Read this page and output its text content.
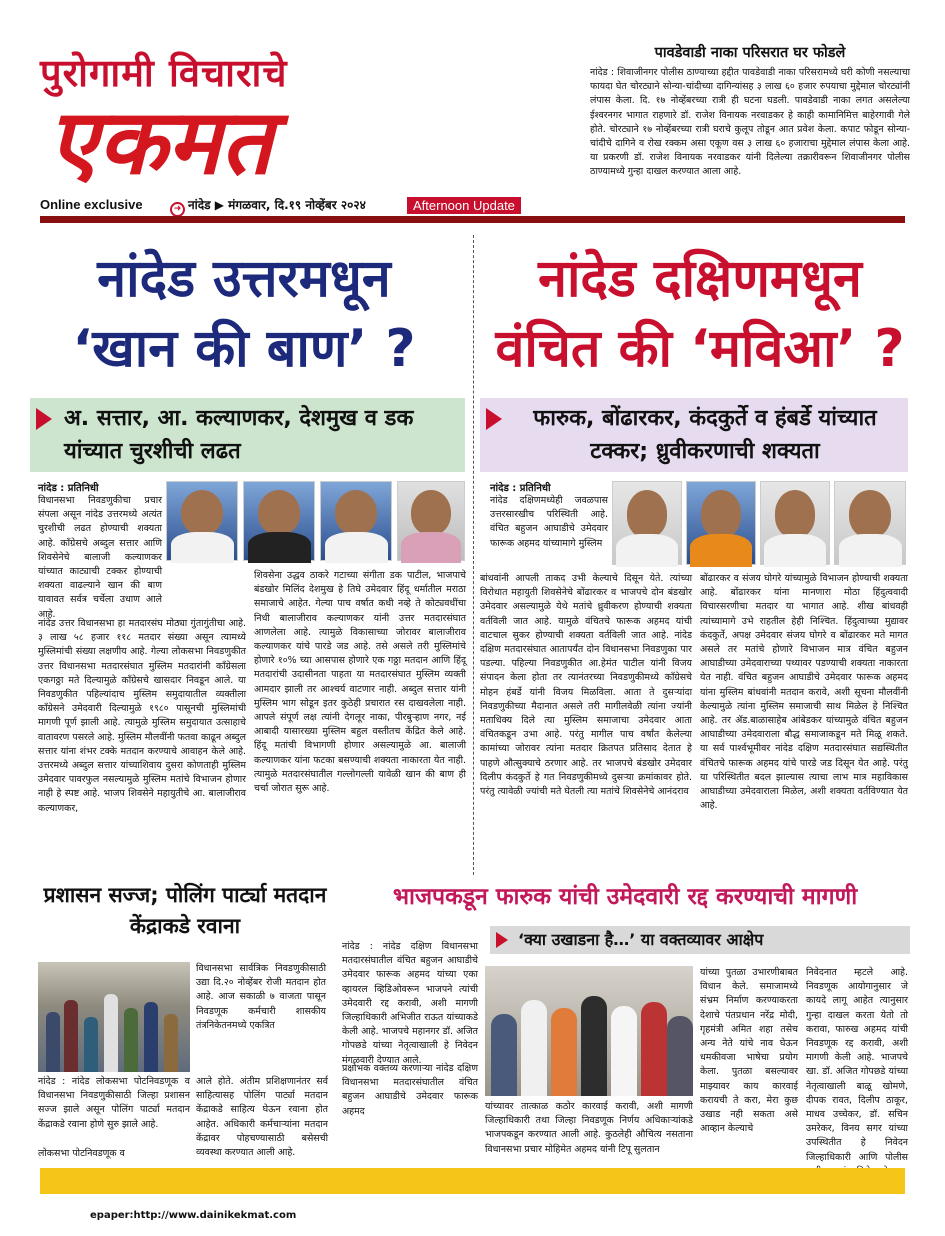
पुरोगामी विचाराचे
एकमत
Online exclusive	➜ नांदेड ▶ मंगळवार, दि.१९ नोव्हेंबर २०२४	Afternoon Update
पावडेवाडी नाका परिसरात घर फोडले

नांदेड : शिवाजीनगर पोलीस ठाण्याच्या हद्दीत पावडेवाडी नाका परिसरामध्ये घरी कोणी नसल्याचा फायदा घेत चोरट्याने सोन्या-चांदीच्या दागिन्यांसह ३ लाख ६० हजार रुपयाचा मुद्देमाल चोरट्यांनी लंपास केला. दि. १७ नोव्हेंबरच्या रात्री ही घटना घडली. पावडेवाडी नाका लगत असलेल्या ईश्वरनगर भागात राहणारे डॉ. राजेश विनायक नरवाडकर हे काही कामानिमित्त बाहेरगावी गेले होते. चोरट्याने १७ नोव्हेंबरच्या रात्री घराचे कुलूप तोडून आत प्रवेश केला. कपाट फोडून सोन्या-चांदीचे दागिने व रोख रक्कम असा एकूण वस ३ लाख ६० हजाराचा मुद्देमाल लंपास केला आहे. या प्रकरणी डॉ. राजेश विनायक नरवाडकर यांनी दिलेल्या तक्रारीवरून शिवाजीनगर पोलीस ठाण्यामध्ये गुन्हा दाखल करण्यात आला आहे.

नांदेड उत्तरमधून
‘खान की बाण’ ?
नांदेड दक्षिणमधून
वंचित की ‘मविआ’ ?
अ. सत्तार, आ. कल्याणकर, देशमुख व डक यांच्यात चुरशीची लढत
फारुक, बोंढारकर, कंदकुर्ते व हंबर्डे यांच्यात टक्कर; ध्रुवीकरणाची शक्यता
नांदेड : प्रतिनिधी
विधानसभा निवडणुकीचा प्रचार संपला असून नांदेड उत्तरमध्ये अत्यंत चुरशीची लढत होण्याची शक्यता आहे. काँग्रेसचे अब्दुल सत्तार आणि शिवसेनेचे बालाजी कल्याणकर यांच्यात काट्याची टक्कर होण्याची शक्यता वाढल्याने खान की बाण यावावत सर्वत्र चर्चेला उधाण आले आहे.
नांदेड उत्तर विधानसभा हा मतदारसंघ मोठ्या गुंतागुंतीचा आहे. ३ लाख ५८ हजार ११८ मतदार संख्या असून त्यामध्ये मुस्लिमांची संख्या लक्षणीय आहे. गेल्या लोकसभा निवडणुकीत उत्तर विधानसभा मतदारसंघात मुस्लिम मतदारांनी काँग्रेसला एकगठ्ठा मते दिल्यामुळे काँग्रेसचे खासदार निवडून आले. या निवडणुकीत पहिल्यांदाच मुस्लिम समुदायातील व्यक्तीला काँग्रेसने उमेदवारी दिल्यामुळे १९८० पासूनची मुस्लिमांची मागणी पूर्ण झाली आहे. त्यामुळे मुस्लिम समुदायात उत्साहाचे वातावरण पसरले आहे. मुस्लिम मौलवींनी फतवा काढून अब्दुल सत्तार यांना शंभर टक्के मतदान करण्याचे आवाहन केले आहे. उत्तरमध्ये अब्दुल सत्तार यांच्याशिवाय दुसरा कोणताही मुस्लिम उमेदवार पावरफुल नसल्यामुळे मुस्लिम मतांचे विभाजन होणार नाही हे स्पष्ट आहे. भाजप शिवसेने महायुतीचे आ. बालाजीराव कल्याणकर,
शिवसेना उद्धव ठाकरे गटाच्या संगीता डक पाटील, भाजपाचे बंडखोर मिलिंद देशमुख हे तिघे उमेदवार हिंदू धर्मातील मराठा समाजाचे आहेत. गेल्या पाच वर्षात कधी नव्हे ते कोट्यवधींचा निधी बालाजीराव कल्याणकर यांनी उत्तर मतदारसंघात आणलेला आहे. त्यामुळे विकासाच्या जोरावर बालाजीराव कल्याणकर यांचे पारडे जड आहे. तसे असले तरी मुस्लिमांचे होणारे १०% च्या आसपास होणारे एक गठ्ठा मतदान आणि हिंदू मतदारांची उदासीनता पाहता या मतदारसंघात मुस्लिम व्यक्ती आमदार झाली तर आश्चर्य वाटणार नाही. अब्दुल सत्तार यांनी मुस्लिम भाग सोडून इतर कुठेही प्रचारात रस दाखवलेला नाही. आपले संपूर्ण लक्ष त्यांनी देगलूर नाका, पीरबुऱ्हाण नगर, नई आबादी यासारख्या मुस्लिम बहुल वस्तीतच केंद्रित केले आहे. हिंदू मतांची विभागणी होणार असल्यामुळे आ. बालाजी कल्याणकर यांना फटका बसण्याची शक्यता नाकारता येत नाही. त्यामुळे मतदारसंघातील गल्लोगल्ली यावेळी खान की बाण ही चर्चा जोरात सुरू आहे.
नांदेड : प्रतिनिधी
नांदेड दक्षिणमध्येही जवळपास उत्तरसारखीच परिस्थिती आहे. वंचित बहुजन आघाडीचे उमेदवार फारूक अहमद यांच्यामागे मुस्लिम
बांधवांनी आपली ताकद उभी केल्याचे दिसून येते. त्यांच्या विरोधात महायुती शिवसेनेचे बोंढारकर व भाजपचे दोन बंडखोर उमेदवार असल्यामुळे येथे मतांचे ध्रुवीकरण होण्याची शक्यता वर्तविली जात आहे. यामुळे वंचितचे फारूक अहमद यांची वाटचाल सुकर होण्याची शक्यता वर्तविली जात आहे. नांदेड दक्षिण मतदारसंघात आतापर्यंत दोन विधानसभा निवडणुका पार पडल्या. पहिल्या निवडणुकीत आ.हेमंत पाटील यांनी विजय संपादन केला होता तर त्यानंतरच्या निवडणुकीमध्ये काँग्रेसचे मोहन हंबर्डे यांनी विजय मिळविला. आता ते दुसऱ्यांदा निवडणुकीच्या मैदानात असले तरी मागीलवेळी त्यांना ज्यांनी मताधिक्य दिले त्या मुस्लिम समाजाचा उमेदवार आता वंचितकडून उभा आहे. परंतु मागील पाच वर्षांत केलेल्या कामांच्या जोरावर त्यांना मतदार क्रितपत प्रतिसाद देतात हे पाहणे औत्सुक्याचे ठरणार आहे. तर भाजपचे बंडखोर उमेदवार दिलीप कंदकुर्ते हे गत निवडणुकीमध्ये दुसऱ्या क्रमांकावर होते. परंतु त्यावेळी ज्यांची मते घेतली त्या मतांचे शिवसेनेचे आनंदराव
बोंढारकर व संजय घोगरे यांच्यामुळे विभाजन होण्याची शक्यता आहे. बोंढारकर यांना मानणारा मोठा हिंदुत्ववादी विचारसरणीचा मतदार या भागात आहे. शीख बांधवही त्यांच्यामागे उभे राहतील हेही निश्चित. हिंदुत्वाच्या मुद्यावर कंदकुर्ते, अपक्ष उमेदवार संजय घोगरे व बोंढारकर मते मागत असले तर मतांचे होणारे विभाजन मात्र वंचित बहुजन आघाडीच्या उमेदवाराच्या पथ्यावर पडण्याची शक्यता नाकारता येत नाही. वंचित बहुजन आघाडीचे उमेदवार फारूक अहमद यांना मुस्लिम बांधवांनी मतदान करावे, अशी सूचना मौलवींनी केल्यामुळे त्यांना मुस्लिम समाजाची साथ मिळेल हे निश्चित आहे. तर ॲड.बाळासाहेब आंबेडकर यांच्यामुळे वंचित बहुजन आघाडीच्या उमेदवाराला बौद्ध समाजाकडून मते मिळू शकते. या सर्व पार्श्वभूमीवर नांदेड दक्षिण मतदारसंघात सद्यस्थितीत वंचितचे फारूक अहमद यांचे पारडे जड दिसून येत आहे. परंतु या परिस्थितीत बदल झाल्यास त्याचा लाभ मात्र महाविकास आघाडीच्या उमेदवाराला मिळेल, अशी शक्यता वर्तविण्यात येत आहे.
प्रशासन सज्ज; पोलिंग पार्ट्या मतदान केंद्राकडे रवाना
विधानसभा सार्वत्रिक निवडणुकीसाठी उद्या दि.२० नोव्हेंबर रोजी मतदान होत आहे. आज सकाळी ७ वाजता पासून निवडणूक कर्मचारी शासकीय तंत्रनिकेतनमध्ये एकत्रित
नांदेड : नांदेड लोकसभा पोटनिवडणूक व विधानसभा निवडणुकीसाठी जिल्हा प्रशासन सज्ज झाले असून पोलिंग पार्ट्या मतदान केंद्राकडे रवाना होणे सुरु झाले आहे.
लोकसभा पोटनिवडणूक व
आले होते. अंतीम प्रशिक्षणानंतर सर्व साहित्यासह पोलिंग पार्ट्या मतदान केंद्राकडे साहित्य घेऊन रवाना होत आहेत. अधिकारी कर्मचाऱ्यांना मतदान केंद्रावर पोहचण्यासाठी बसेसची व्यवस्था करण्यात आली आहे.
भाजपकडून फारुक यांची उमेदवारी रद्द करण्याची मागणी
‘क्या उखाडना है…’ या वक्तव्यावर आक्षेप
नांदेड : नांदेड दक्षिण विधानसभा मतदारसंघातील वंचित बहुजन आघाडीचे उमेदवार फारूक अहमद यांच्या एका व्हायरल व्हिडिओवरून भाजपने त्यांची उमेदवारी रद्द करावी, अशी मागणी जिल्हाधिकारी अभिजीत राऊत यांच्याकडे केली आहे. भाजपचे महानगर डॉ. अजित गोपछडे यांच्या नेतृत्वाखाली हे निवेदन मंगळवारी देण्यात आले.
प्रक्षोभक वक्तव्य करणाऱ्या नांदेड दक्षिण विधानसभा मतदारसंघातील वंचित बहुजन आघाडीचे उमेदवार फारूक अहमद	यांच्यावर तात्काळ कठोर कारवाई करावी, अशी मागणी जिल्हाधिकारी तथा जिल्हा निवडणूक निर्णय अधिकाऱ्यांकडे भाजपकडून करण्यात आली आहे. कुठलेही औचित्य नसताना विधानसभा प्रचार मोहिमेत अहमद यांनी टिपू सुलतान
यांच्या पुतळा उभारणीबाबत विधान केले. समाजामध्ये संभ्रम निर्माण करण्याकरता देशाचे पंतप्रधान नरेंद्र मोदी, गृहमंत्री अमित शहा तसेच अन्य नेते यांचे नाव घेऊन धमकीवजा भाषेचा प्रयोग केला. पुतळा बसल्यावर माझ्यावर काय कारवाई करायची ते करा, मेरा कुछ उखाड नही सकता असे आव्हान केल्याचे
निवेदनात म्हटले आहे. निवडणूक आयोगानुसार जे कायदे लागू आहेत त्यानुसार गुन्हा दाखल करता येतो तो करावा, फारुख अहमद यांची निवडणूक रद्द करावी, अशी मागणी केली आहे. भाजपचे खा. डॉ. अजित गोपछडे यांच्या नेतृत्वाखाली बाळू खोमणे, दीपक रावत, दिलीप ठाकूर, माधव उच्चेकर, डॉ. सचिन उमरेकर, विनय सगर यांच्या उपस्थितीत हे निवेदन जिल्हाधिकारी आणि पोलीस
epaper:http://www.dainikekmat.com
